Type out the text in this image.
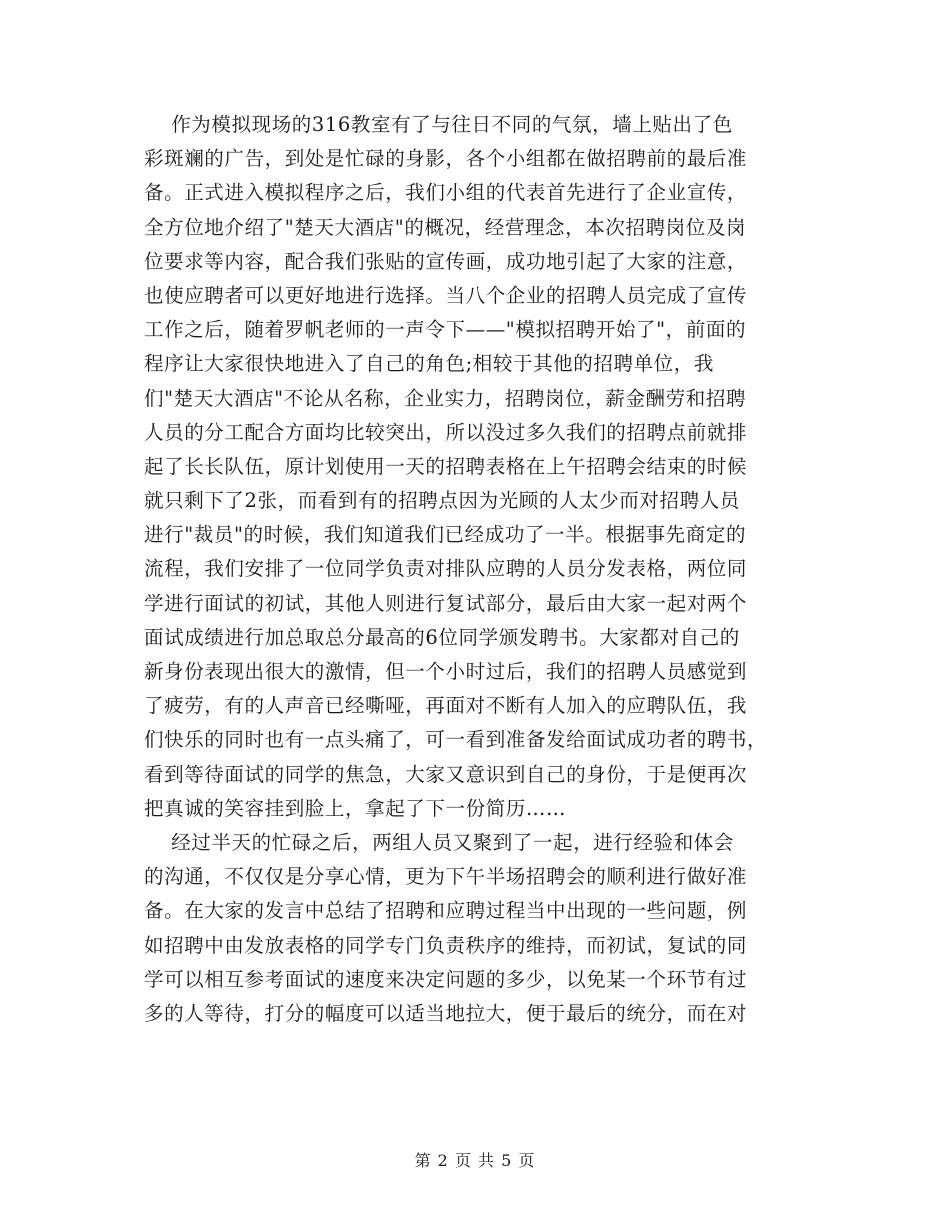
作为模拟现场的316教室有了与往日不同的气氛，墙上贴出了色
彩斑斓的广告，到处是忙碌的身影，各个小组都在做招聘前的最后准
备。正式进入模拟程序之后，我们小组的代表首先进行了企业宣传，
全方位地介绍了"楚天大酒店"的概况，经营理念，本次招聘岗位及岗
位要求等内容，配合我们张贴的宣传画，成功地引起了大家的注意，
也使应聘者可以更好地进行选择。当八个企业的招聘人员完成了宣传
工作之后，随着罗帆老师的一声令下——"模拟招聘开始了"，前面的
程序让大家很快地进入了自己的角色;相较于其他的招聘单位，我
们"楚天大酒店"不论从名称，企业实力，招聘岗位，薪金酬劳和招聘
人员的分工配合方面均比较突出，所以没过多久我们的招聘点前就排
起了长长队伍，原计划使用一天的招聘表格在上午招聘会结束的时候
就只剩下了2张，而看到有的招聘点因为光顾的人太少而对招聘人员
进行"裁员"的时候，我们知道我们已经成功了一半。根据事先商定的
流程，我们安排了一位同学负责对排队应聘的人员分发表格，两位同
学进行面试的初试，其他人则进行复试部分，最后由大家一起对两个
面试成绩进行加总取总分最高的6位同学颁发聘书。大家都对自己的
新身份表现出很大的激情，但一个小时过后，我们的招聘人员感觉到
了疲劳，有的人声音已经嘶哑，再面对不断有人加入的应聘队伍，我
们快乐的同时也有一点头痛了，可一看到准备发给面试成功者的聘书，
看到等待面试的同学的焦急，大家又意识到自己的身份，于是便再次
把真诚的笑容挂到脸上，拿起了下一份简历……
经过半天的忙碌之后，两组人员又聚到了一起，进行经验和体会
的沟通，不仅仅是分享心情，更为下午半场招聘会的顺利进行做好准
备。在大家的发言中总结了招聘和应聘过程当中出现的一些问题，例
如招聘中由发放表格的同学专门负责秩序的维持，而初试，复试的同
学可以相互参考面试的速度来决定问题的多少，以免某一个环节有过
多的人等待，打分的幅度可以适当地拉大，便于最后的统分，而在对
第 2 页 共 5 页
